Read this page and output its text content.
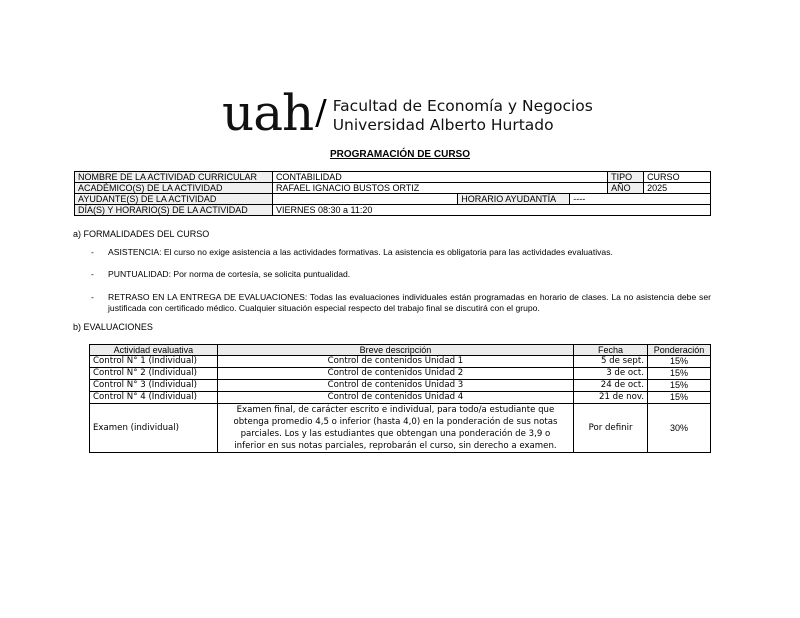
uah / Facultad de Economía y Negocios
Universidad Alberto Hurtado
PROGRAMACIÓN DE CURSO
NOMBRE DE LA ACTIVIDAD CURRICULAR	CONTABILIDAD			TIPO	CURSO
ACADÉMICO(S) DE LA ACTIVIDAD	RAFAEL IGNACIO BUSTOS ORTIZ			AÑO	2025
AYUDANTE(S) DE LA ACTIVIDAD		HORARIO AYUDANTÍA	----		
DÍA(S) Y HORARIO(S) DE LA ACTIVIDAD	VIERNES 08:30 a 11:20				
a) FORMALIDADES DEL CURSO
- ASISTENCIA: El curso no exige asistencia a las actividades formativas. La asistencia es obligatoria para las actividades evaluativas.
- PUNTUALIDAD: Por norma de cortesía, se solicita puntualidad.
- RETRASO EN LA ENTREGA DE EVALUACIONES: Todas las evaluaciones individuales están programadas en horario de clases. La no asistencia debe ser justificada con certificado médico. Cualquier situación especial respecto del trabajo final se discutirá con el grupo.
b) EVALUACIONES
Actividad evaluativa	Breve descripción	Fecha	Ponderación
Control N° 1 (Individual)	Control de contenidos Unidad 1	5 de sept.	15%
Control N° 2 (Individual)	Control de contenidos Unidad 2	3 de oct.	15%
Control N° 3 (Individual)	Control de contenidos Unidad 3	24 de oct.	15%
Control N° 4 (Individual)	Control de contenidos Unidad 4	21 de nov.	15%
Examen (individual)	Examen final, de carácter escrito e individual, para todo/a estudiante que obtenga promedio 4,5 o inferior (hasta 4,0) en la ponderación de sus notas parciales. Los y las estudiantes que obtengan una ponderación de 3,9 o inferior en sus notas parciales, reprobarán el curso, sin derecho a examen.	Por definir	30%
